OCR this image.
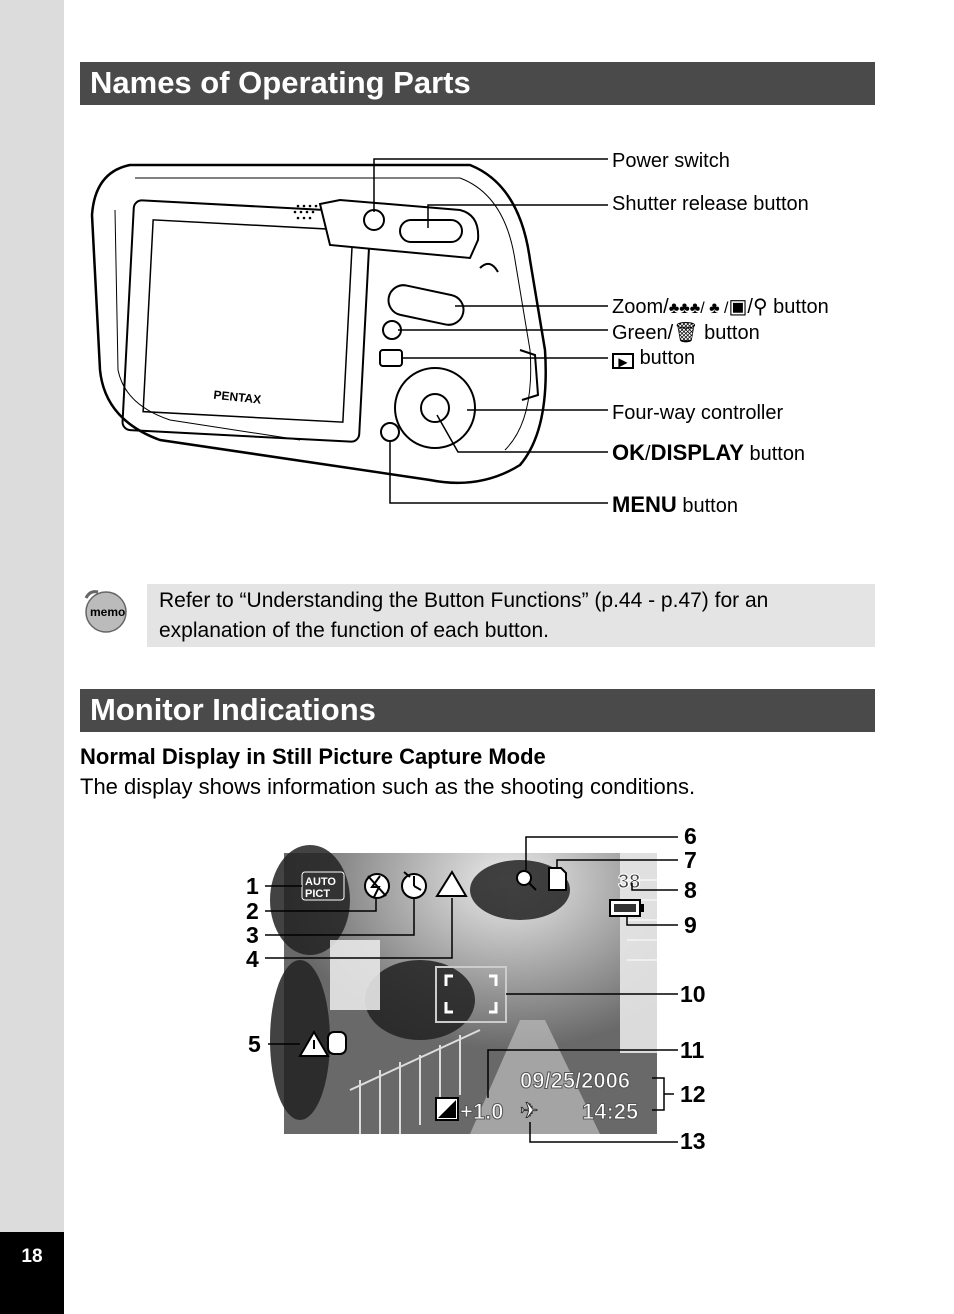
18
Names of Operating Parts
PENTAX
Power switch
Shutter release button
Zoom/♣♣♣/ ♣ /▣/⚲ button
Green/🗑 button
▶ button
Four-way controller
OK/DISPLAY button
MENU button
memo Refer to “Understanding the Button Functions” (p.44 - p.47) for an
explanation of the function of each button.
Monitor Indications
Normal Display in Still Picture Capture Mode
The display shows information such as the shooting conditions.
AUTO
PICT
38
+1.0 ✈
09/25/2006
14:25
1
2
3
4
5
6
7
8
9
10
11
12
13
